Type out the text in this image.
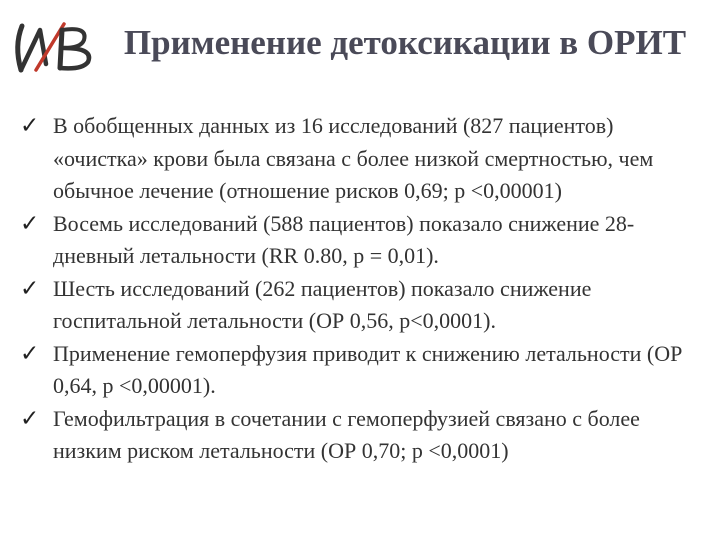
Применение детоксикации в ОРИТ
✓ В обобщенных данных из 16 исследований (827 пациентов) «очистка» крови была связана с более низкой смертностью, чем обычное лечение (отношение рисков 0,69; p <0,00001)
✓ Восемь исследований (588 пациентов) показало снижение 28-дневный летальности (RR 0.80, p = 0,01).
✓ Шесть исследований (262 пациентов) показало снижение госпитальной летальности (ОР 0,56, р<0,0001).
✓ Применение гемоперфузия приводит к снижению летальности (ОР 0,64, р <0,00001).
✓ Гемофильтрация в сочетании с гемоперфузией связано с более низким риском летальности (ОР 0,70; р <0,0001)
